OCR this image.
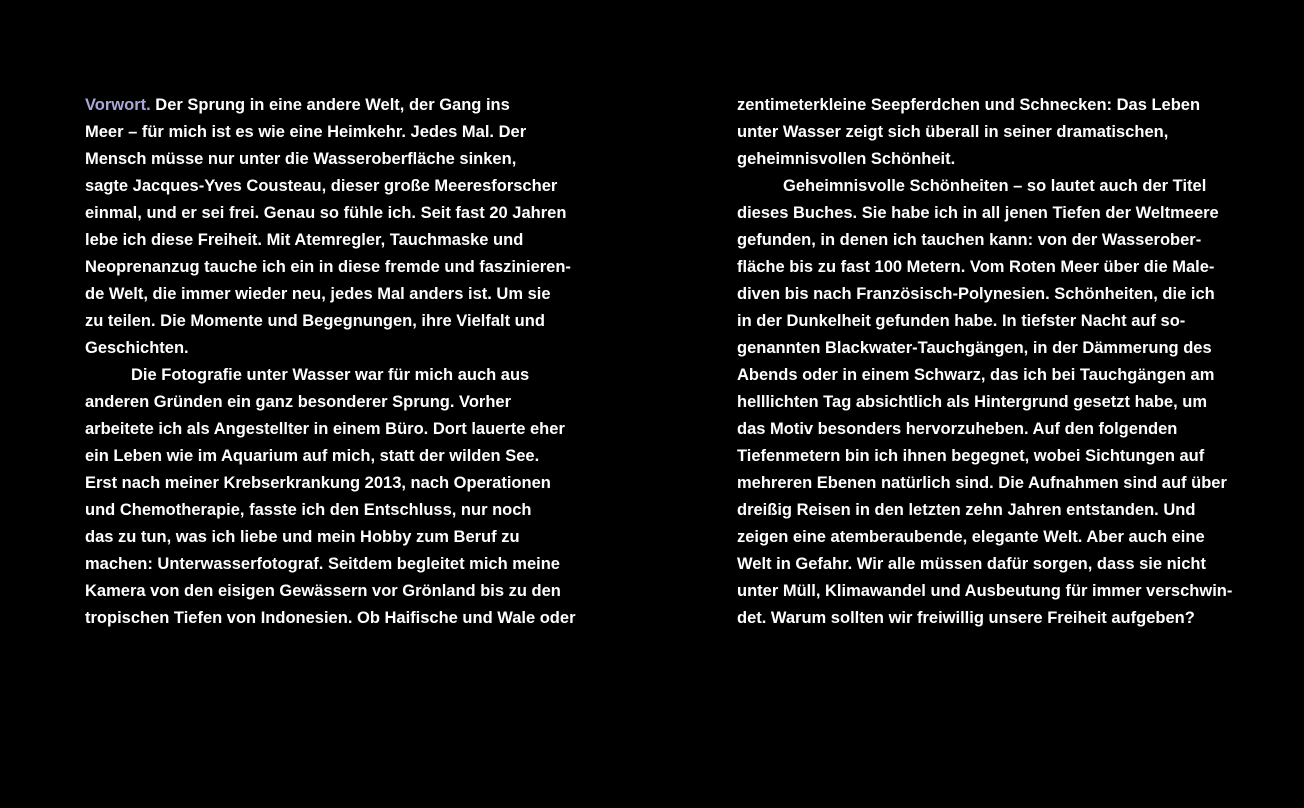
Vorwort. Der Sprung in eine andere Welt, der Gang ins
Meer – für mich ist es wie eine Heimkehr. Jedes Mal. Der
Mensch müsse nur unter die Wasseroberfläche sinken,
sagte Jacques-Yves Cousteau, dieser große Meeresforscher
einmal, und er sei frei. Genau so fühle ich. Seit fast 20 Jahren
lebe ich diese Freiheit. Mit Atemregler, Tauchmaske und
Neoprenanzug tauche ich ein in diese fremde und faszinieren-
de Welt, die immer wieder neu, jedes Mal anders ist. Um sie
zu teilen. Die Momente und Begegnungen, ihre Vielfalt und
Geschichten.
Die Fotografie unter Wasser war für mich auch aus
anderen Gründen ein ganz besonderer Sprung. Vorher
arbeitete ich als Angestellter in einem Büro. Dort lauerte eher
ein Leben wie im Aquarium auf mich, statt der wilden See.
Erst nach meiner Krebserkrankung 2013, nach Operationen
und Chemotherapie, fasste ich den Entschluss, nur noch
das zu tun, was ich liebe und mein Hobby zum Beruf zu
machen: Unterwasserfotograf. Seitdem begleitet mich meine
Kamera von den eisigen Gewässern vor Grönland bis zu den
tropischen Tiefen von Indonesien. Ob Haifische und Wale oder
zentimeterkleine Seepferdchen und Schnecken: Das Leben
unter Wasser zeigt sich überall in seiner dramatischen,
geheimnisvollen Schönheit.
Geheimnisvolle Schönheiten – so lautet auch der Titel
dieses Buches. Sie habe ich in all jenen Tiefen der Weltmeere
gefunden, in denen ich tauchen kann: von der Wasserober-
fläche bis zu fast 100 Metern. Vom Roten Meer über die Male-
diven bis nach Französisch-Polynesien. Schönheiten, die ich
in der Dunkelheit gefunden habe. In tiefster Nacht auf so-
genannten Blackwater-Tauchgängen, in der Dämmerung des
Abends oder in einem Schwarz, das ich bei Tauchgängen am
helllichten Tag absichtlich als Hintergrund gesetzt habe, um
das Motiv besonders hervorzuheben. Auf den folgenden
Tiefenmetern bin ich ihnen begegnet, wobei Sichtungen auf
mehreren Ebenen natürlich sind. Die Aufnahmen sind auf über
dreißig Reisen in den letzten zehn Jahren entstanden. Und
zeigen eine atemberaubende, elegante Welt. Aber auch eine
Welt in Gefahr. Wir alle müssen dafür sorgen, dass sie nicht
unter Müll, Klimawandel und Ausbeutung für immer verschwin-
det. Warum sollten wir freiwillig unsere Freiheit aufgeben?
